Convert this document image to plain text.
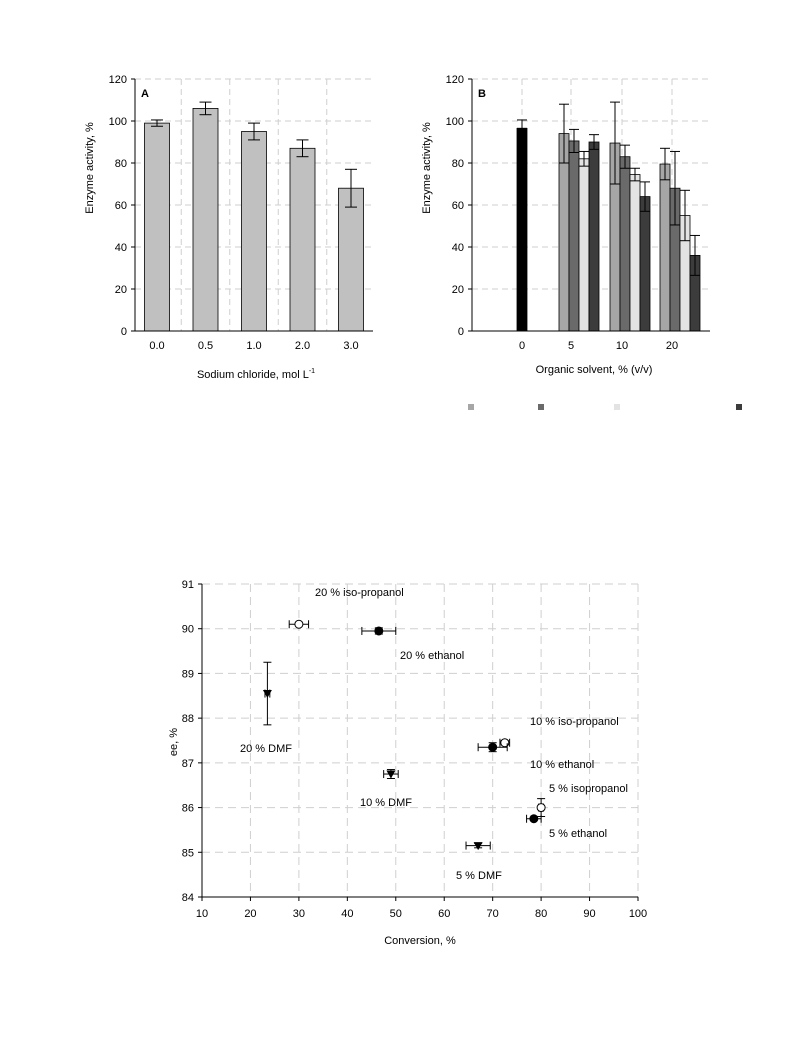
0
20
40
60
80
100
120
0.0	0.5	1.0	2.0	3.0
A
Enzyme activity, %
Sodium chloride, mol $L^{-1}$
0
20
40
60
80
100
120
0	5	10	20
B
Enzyme activity, %
Organic solvent, % (v/v)
84
85
86
87
88
89
90
91
10	20	30	40	50	60	70	80	90	100
20 % iso-propanol
20 % ethanol
20 % DMF
10 % iso-propanol
10 % ethanol
10 % DMF
5 % isopropanol
5 % ethanol
5 % DMF
ee, %
Conversion, %
